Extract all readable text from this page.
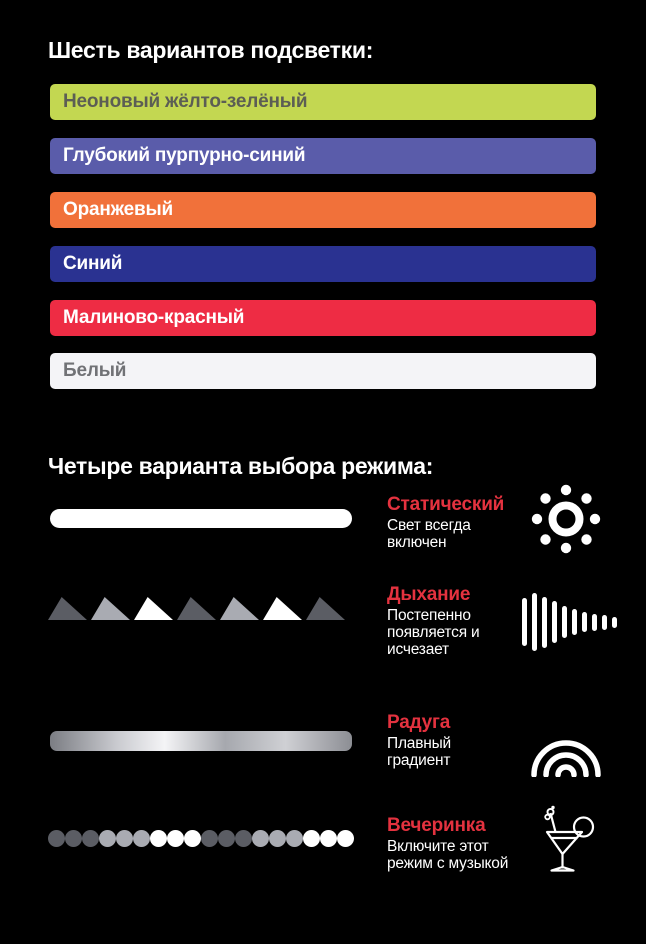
Шесть вариантов подсветки:
Неоновый жёлто-зелёный
Глубокий пурпурно-синий
Оранжевый
Синий
Малиново-красный
Белый
Четыре варианта выбора режима:
Статический
Свет всегда
включен
Дыхание
Постепенно
появляется и
исчезает
Радуга
Плавный
градиент
Вечеринка
Включите этот
режим с музыкой
